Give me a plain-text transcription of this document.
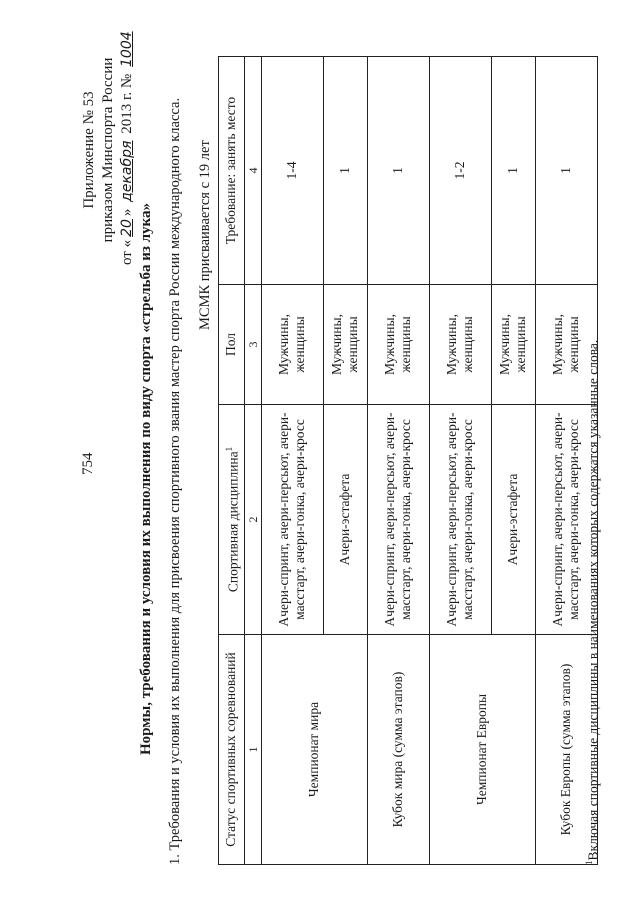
754
Приложение № 53 приказом Минспорта России
от «20» декабря 2013 г. № 1004
Нормы, требования и условия их выполнения по виду спорта «стрельба из лука» 1. Требования и условия их выполнения для присвоения спортивного звания мастер спорта России международного класса. МСМК присваивается с 19 лет
Статус спортивных соревнований	Спортивная дисциплина$^1$	Пол	Требование: занять место
1	2	3	4
Чемпионат мира	Ачери-спринт, ачери-персьют, ачери-масстарт, ачери-гонка, ачери-кросс	Мужчины, женщины	1-4
	Ачери-эстафета	Мужчины, женщины	1
Кубок мира (сумма этапов)	Ачери-спринт, ачери-персьют, ачери-масстарт, ачери-гонка, ачери-кросс	Мужчины, женщины	1
Чемпионат Европы	Ачери-спринт, ачери-персьют, ачери-масстарт, ачери-гонка, ачери-кросс	Мужчины, женщины	1-2
	Ачери-эстафета	Мужчины, женщины	1
Кубок Европы (сумма этапов)	Ачери-спринт, ачери-персьют, ачери-масстарт, ачери-гонка, ачери-кросс	Мужчины, женщины	1
$^1$Включая спортивные дисциплины в наименованиях которых содержатся указанные слова.
